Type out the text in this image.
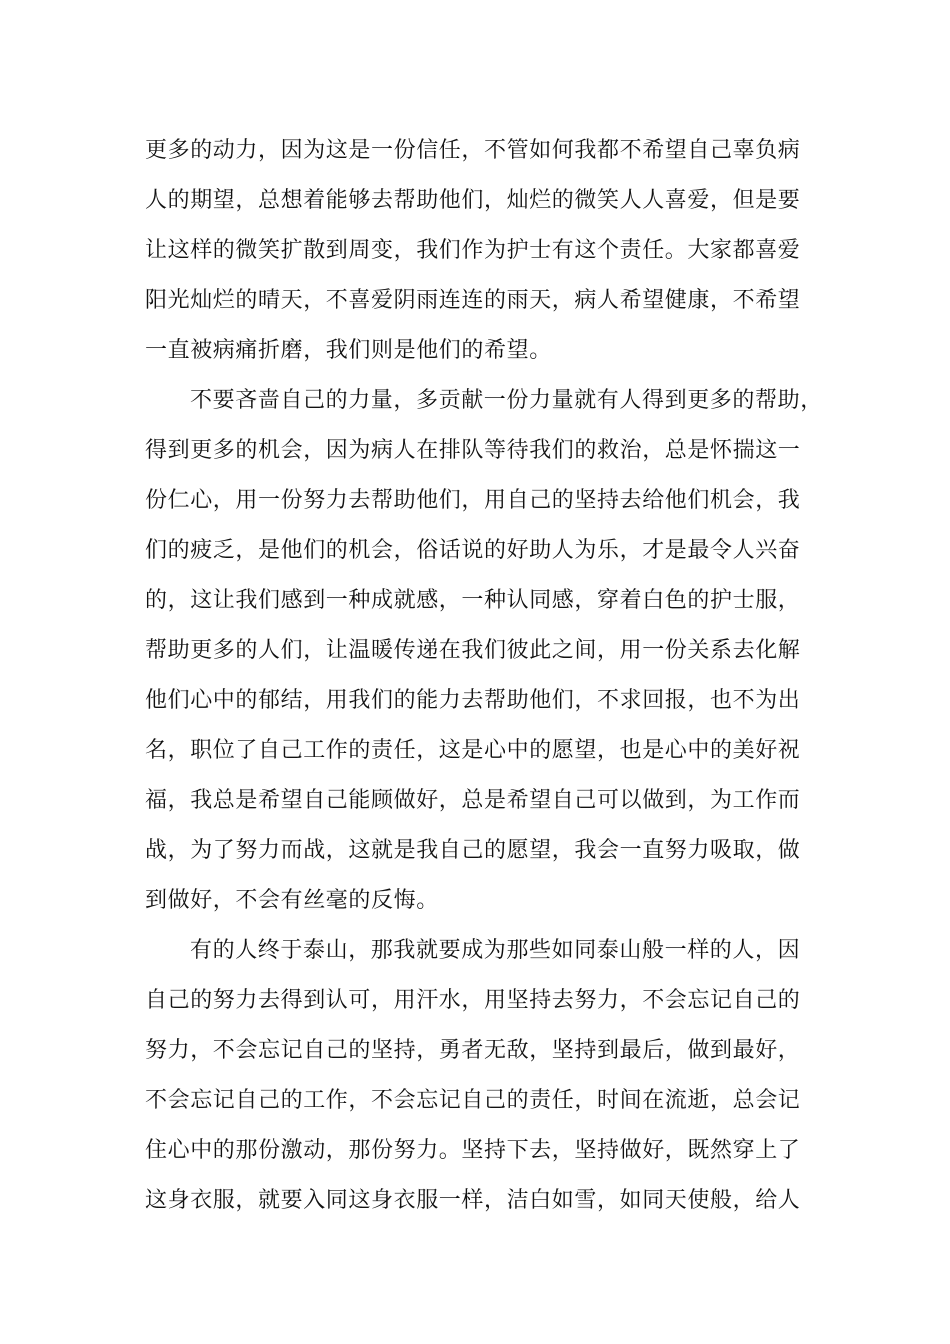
更多的动力，因为这是一份信任，不管如何我都不希望自己辜负病
人的期望，总想着能够去帮助他们，灿烂的微笑人人喜爱，但是要
让这样的微笑扩散到周变，我们作为护士有这个责任。大家都喜爱
阳光灿烂的晴天，不喜爱阴雨连连的雨天，病人希望健康，不希望
一直被病痛折磨，我们则是他们的希望。
不要吝啬自己的力量，多贡献一份力量就有人得到更多的帮助，
得到更多的机会，因为病人在排队等待我们的救治，总是怀揣这一
份仁心，用一份努力去帮助他们，用自己的坚持去给他们机会，我
们的疲乏，是他们的机会，俗话说的好助人为乐，才是最令人兴奋
的，这让我们感到一种成就感，一种认同感，穿着白色的护士服，
帮助更多的人们，让温暖传递在我们彼此之间，用一份关系去化解
他们心中的郁结，用我们的能力去帮助他们，不求回报，也不为出
名，职位了自己工作的责任，这是心中的愿望，也是心中的美好祝
福，我总是希望自己能顾做好，总是希望自己可以做到，为工作而
战，为了努力而战，这就是我自己的愿望，我会一直努力吸取，做
到做好，不会有丝毫的反悔。
有的人终于泰山，那我就要成为那些如同泰山般一样的人，因
自己的努力去得到认可，用汗水，用坚持去努力，不会忘记自己的
努力，不会忘记自己的坚持，勇者无敌，坚持到最后，做到最好，
不会忘记自己的工作，不会忘记自己的责任，时间在流逝，总会记
住心中的那份激动，那份努力。坚持下去，坚持做好，既然穿上了
这身衣服，就要入同这身衣服一样，洁白如雪，如同天使般，给人
